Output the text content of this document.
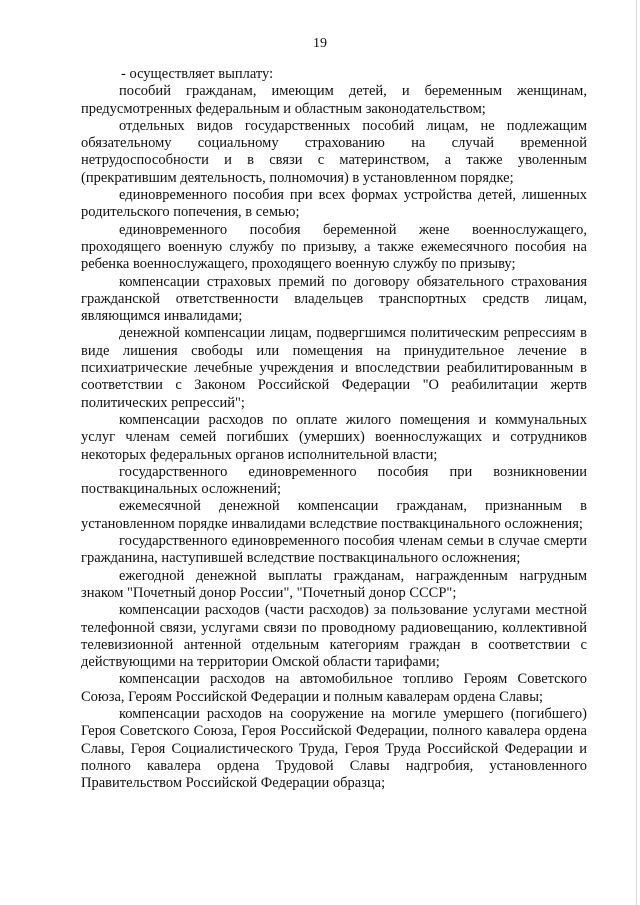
19

- осуществляет выплату:

пособий гражданам, имеющим детей, и беременным женщинам, предусмотренных федеральным и областным законодательством;

отдельных видов государственных пособий лицам, не подлежащим обязательному социальному страхованию на случай временной нетрудоспособности и в связи с материнством, а также уволенным (прекратившим деятельность, полномочия) в установленном порядке;

единовременного пособия при всех формах устройства детей, лишенных родительского попечения, в семью;

единовременного пособия беременной жене военнослужащего, проходящего военную службу по призыву, а также ежемесячного пособия на ребенка военнослужащего, проходящего военную службу по призыву;

компенсации страховых премий по договору обязательного страхования гражданской ответственности владельцев транспортных средств лицам, являющимся инвалидами;

денежной компенсации лицам, подвергшимся политическим репрессиям в виде лишения свободы или помещения на принудительное лечение в психиатрические лечебные учреждения и впоследствии реабилитированным в соответствии с Законом Российской Федерации "О реабилитации жертв политических репрессий";

компенсации расходов по оплате жилого помещения и коммунальных услуг членам семей погибших (умерших) военнослужащих и сотрудников некоторых федеральных органов исполнительной власти;

государственного единовременного пособия при возникновении поствакцинальных осложнений;

ежемесячной денежной компенсации гражданам, признанным в установленном порядке инвалидами вследствие поствакцинального осложнения;

государственного единовременного пособия членам семьи в случае смерти гражданина, наступившей вследствие поствакцинального осложнения;

ежегодной денежной выплаты гражданам, награжденным нагрудным знаком "Почетный донор России", "Почетный донор СССР";

компенсации расходов (части расходов) за пользование услугами местной телефонной связи, услугами связи по проводному радиовещанию, коллективной телевизионной антенной отдельным категориям граждан в соответствии с действующими на территории Омской области тарифами;

компенсации расходов на автомобильное топливо Героям Советского Союза, Героям Российской Федерации и полным кавалерам ордена Славы;

компенсации расходов на сооружение на могиле умершего (погибшего) Героя Советского Союза, Героя Российской Федерации, полного кавалера ордена Славы, Героя Социалистического Труда, Героя Труда Российской Федерации и полного кавалера ордена Трудовой Славы надгробия, установленного Правительством Российской Федерации образца;
